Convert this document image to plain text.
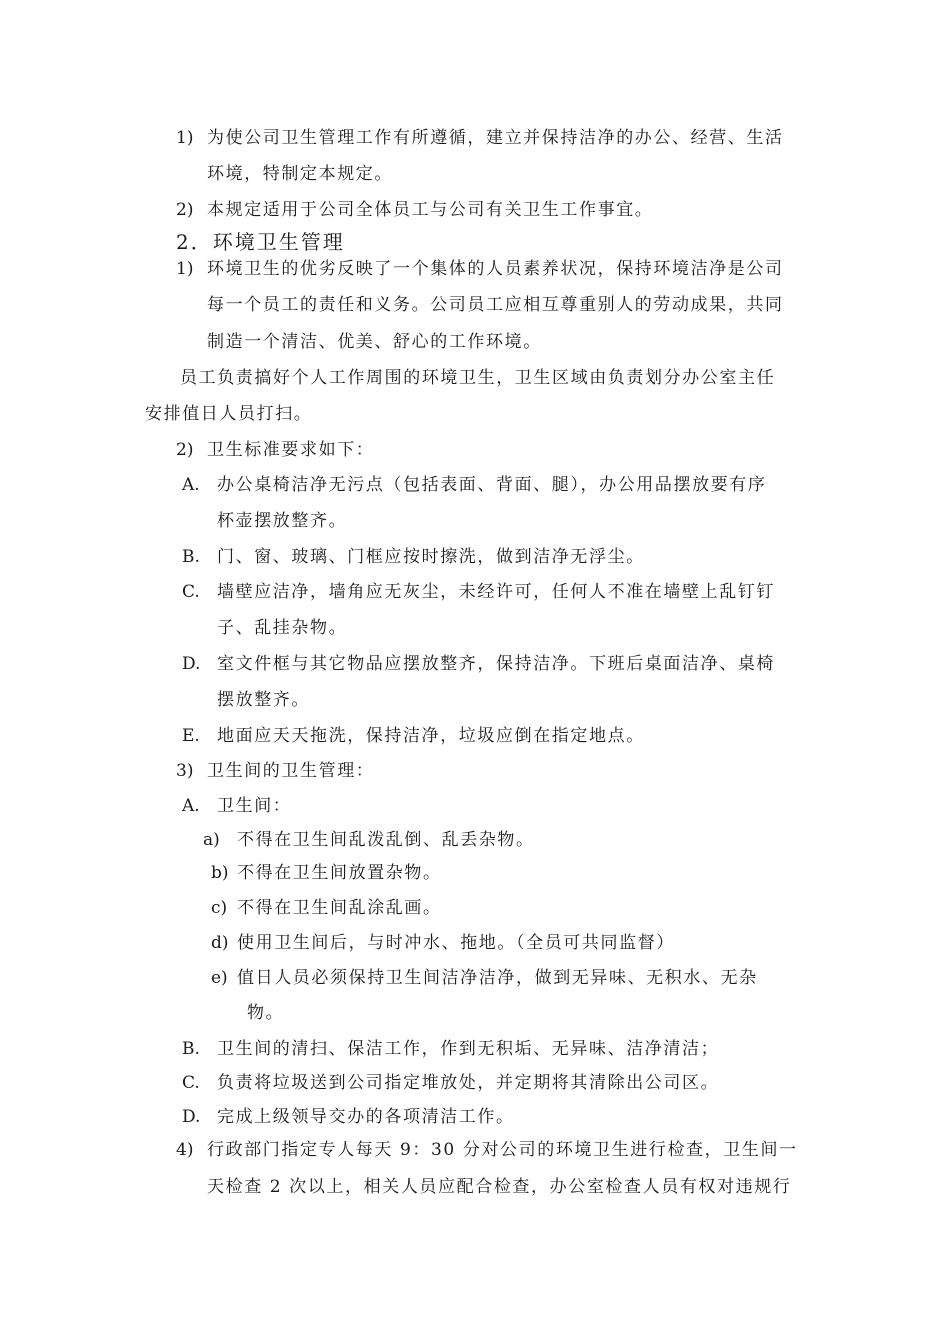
1) 为使公司卫生管理工作有所遵循，建立并保持洁净的办公、经营、生活
环境，特制定本规定。
2) 本规定适用于公司全体员工与公司有关卫生工作事宜。
2．环境卫生管理
1) 环境卫生的优劣反映了一个集体的人员素养状况，保持环境洁净是公司
每一个员工的责任和义务。公司员工应相互尊重别人的劳动成果，共同
制造一个清洁、优美、舒心的工作环境。
员工负责搞好个人工作周围的环境卫生，卫生区域由负责划分办公室主任
安排值日人员打扫。
2) 卫生标准要求如下：
A. 办公桌椅洁净无污点（包括表面、背面、腿），办公用品摆放要有序
杯壶摆放整齐。
B. 门、窗、玻璃、门框应按时擦洗，做到洁净无浮尘。
C. 墙壁应洁净，墙角应无灰尘，未经许可，任何人不准在墙壁上乱钉钉
子、乱挂杂物。
D. 室文件框与其它物品应摆放整齐，保持洁净。下班后桌面洁净、桌椅
摆放整齐。
E. 地面应天天拖洗，保持洁净，垃圾应倒在指定地点。
3) 卫生间的卫生管理：
A. 卫生间：
a) 不得在卫生间乱泼乱倒、乱丢杂物。
b) 不得在卫生间放置杂物。
c) 不得在卫生间乱涂乱画。
d) 使用卫生间后，与时冲水、拖地。（全员可共同监督）
e) 值日人员必须保持卫生间洁净洁净，做到无异味、无积水、无杂
物。
B. 卫生间的清扫、保洁工作，作到无积垢、无异味、洁净清洁；
C. 负责将垃圾送到公司指定堆放处，并定期将其清除出公司区。
D. 完成上级领导交办的各项清洁工作。
4) 行政部门指定专人每天 9：30 分对公司的环境卫生进行检查，卫生间一
天检查 2 次以上，相关人员应配合检查，办公室检查人员有权对违规行
